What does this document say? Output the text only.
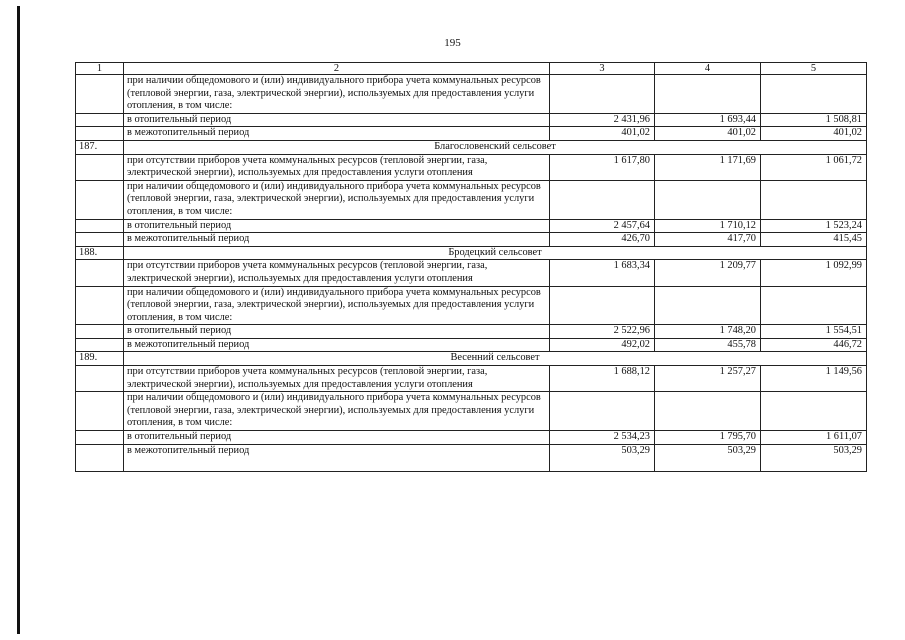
195
1	2	3	4	5
	при наличии общедомового и (или) индивидуального прибора учета коммунальных ресурсов (тепловой энергии, газа, электрической энергии), используемых для предоставления услуги отопления, в том числе:			
	в отопительный период	2 431,96	1 693,44	1 508,81
	в межотопительный период	401,02	401,02	401,02
187.	Благословенский сельсовет			
	при отсутствии приборов учета коммунальных ресурсов (тепловой энергии, газа, электрической энергии), используемых для предоставления услуги отопления	1 617,80	1 171,69	1 061,72
	при наличии общедомового и (или) индивидуального прибора учета коммунальных ресурсов (тепловой энергии, газа, электрической энергии), используемых для предоставления услуги отопления, в том числе:			
	в отопительный период	2 457,64	1 710,12	1 523,24
	в межотопительный период	426,70	417,70	415,45
188.	Бродецкий сельсовет			
	при отсутствии приборов учета коммунальных ресурсов (тепловой энергии, газа, электрической энергии), используемых для предоставления услуги отопления	1 683,34	1 209,77	1 092,99
	при наличии общедомового и (или) индивидуального прибора учета коммунальных ресурсов (тепловой энергии, газа, электрической энергии), используемых для предоставления услуги отопления, в том числе:			
	в отопительный период	2 522,96	1 748,20	1 554,51
	в межотопительный период	492,02	455,78	446,72
189.	Весенний сельсовет			
	при отсутствии приборов учета коммунальных ресурсов (тепловой энергии, газа, электрической энергии), используемых для предоставления услуги отопления	1 688,12	1 257,27	1 149,56
	при наличии общедомового и (или) индивидуального прибора учета коммунальных ресурсов (тепловой энергии, газа, электрической энергии), используемых для предоставления услуги отопления, в том числе:			
	в отопительный период	2 534,23	1 795,70	1 611,07
	в межотопительный период	503,29	503,29	503,29
